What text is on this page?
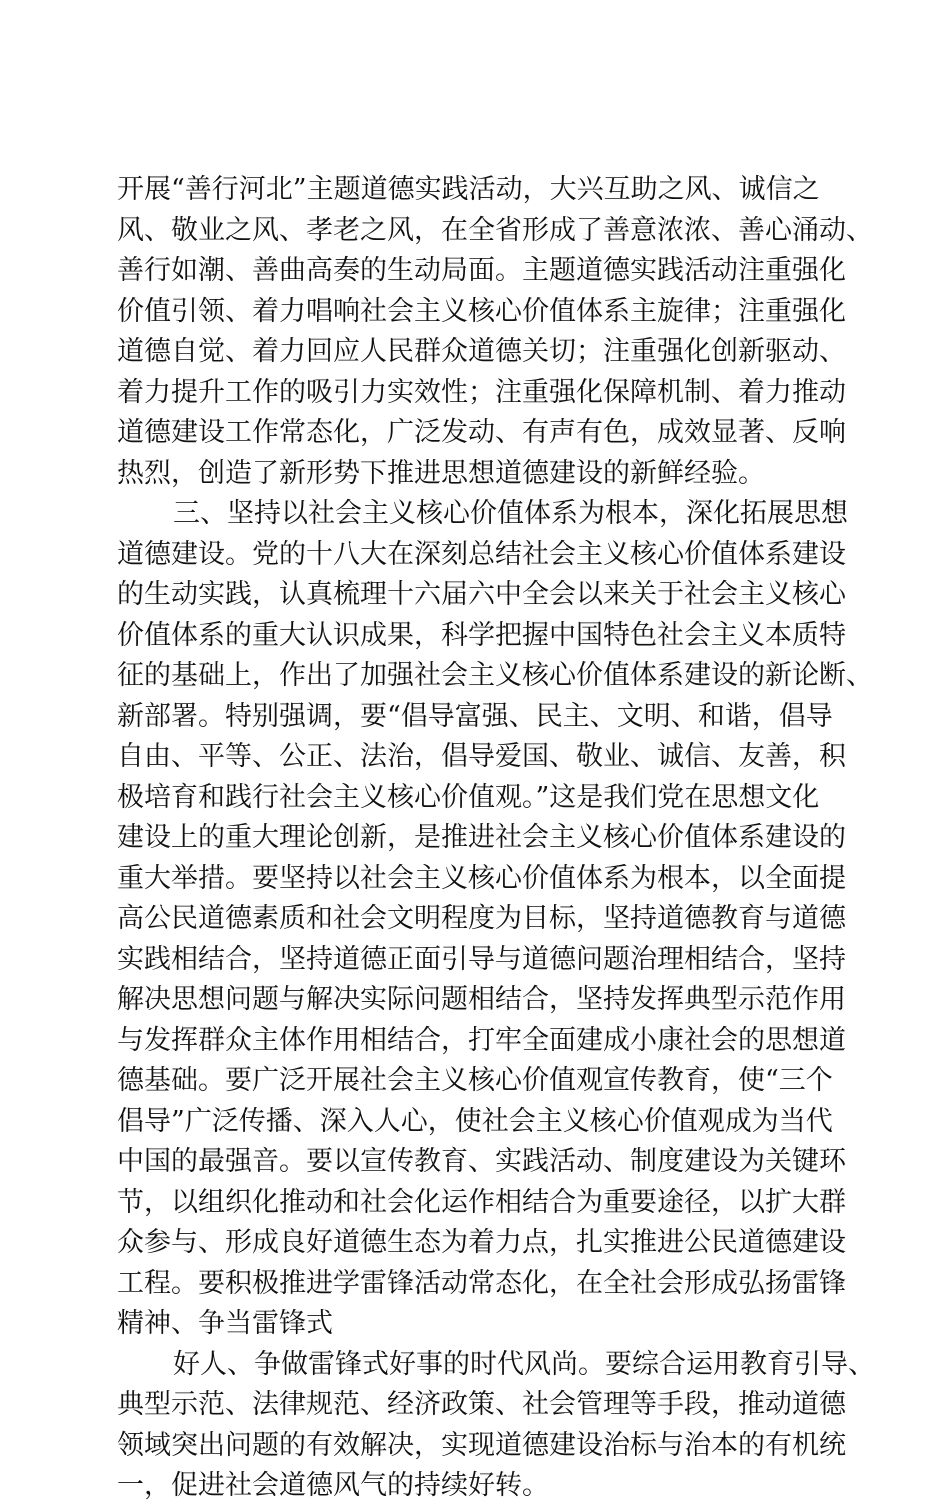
开展“善行河北”主题道德实践活动，大兴互助之风、诚信之
风、敬业之风、孝老之风，在全省形成了善意浓浓、善心涌动、
善行如潮、善曲高奏的生动局面。主题道德实践活动注重强化
价值引领、着力唱响社会主义核心价值体系主旋律；注重强化
道德自觉、着力回应人民群众道德关切；注重强化创新驱动、
着力提升工作的吸引力实效性；注重强化保障机制、着力推动
道德建设工作常态化，广泛发动、有声有色，成效显著、反响
热烈，创造了新形势下推进思想道德建设的新鲜经验。
三、坚持以社会主义核心价值体系为根本，深化拓展思想
道德建设。党的十八大在深刻总结社会主义核心价值体系建设
的生动实践，认真梳理十六届六中全会以来关于社会主义核心
价值体系的重大认识成果，科学把握中国特色社会主义本质特
征的基础上，作出了加强社会主义核心价值体系建设的新论断、
新部署。特别强调，要“倡导富强、民主、文明、和谐，倡导
自由、平等、公正、法治，倡导爱国、敬业、诚信、友善，积
极培育和践行社会主义核心价值观。”这是我们党在思想文化
建设上的重大理论创新，是推进社会主义核心价值体系建设的
重大举措。要坚持以社会主义核心价值体系为根本，以全面提
高公民道德素质和社会文明程度为目标，坚持道德教育与道德
实践相结合，坚持道德正面引导与道德问题治理相结合，坚持
解决思想问题与解决实际问题相结合，坚持发挥典型示范作用
与发挥群众主体作用相结合，打牢全面建成小康社会的思想道
德基础。要广泛开展社会主义核心价值观宣传教育，使“三个
倡导”广泛传播、深入人心，使社会主义核心价值观成为当代
中国的最强音。要以宣传教育、实践活动、制度建设为关键环
节，以组织化推动和社会化运作相结合为重要途径，以扩大群
众参与、形成良好道德生态为着力点，扎实推进公民道德建设
工程。要积极推进学雷锋活动常态化，在全社会形成弘扬雷锋
精神、争当雷锋式
好人、争做雷锋式好事的时代风尚。要综合运用教育引导、
典型示范、法律规范、经济政策、社会管理等手段，推动道德
领域突出问题的有效解决，实现道德建设治标与治本的有机统
一，促进社会道德风气的持续好转。
